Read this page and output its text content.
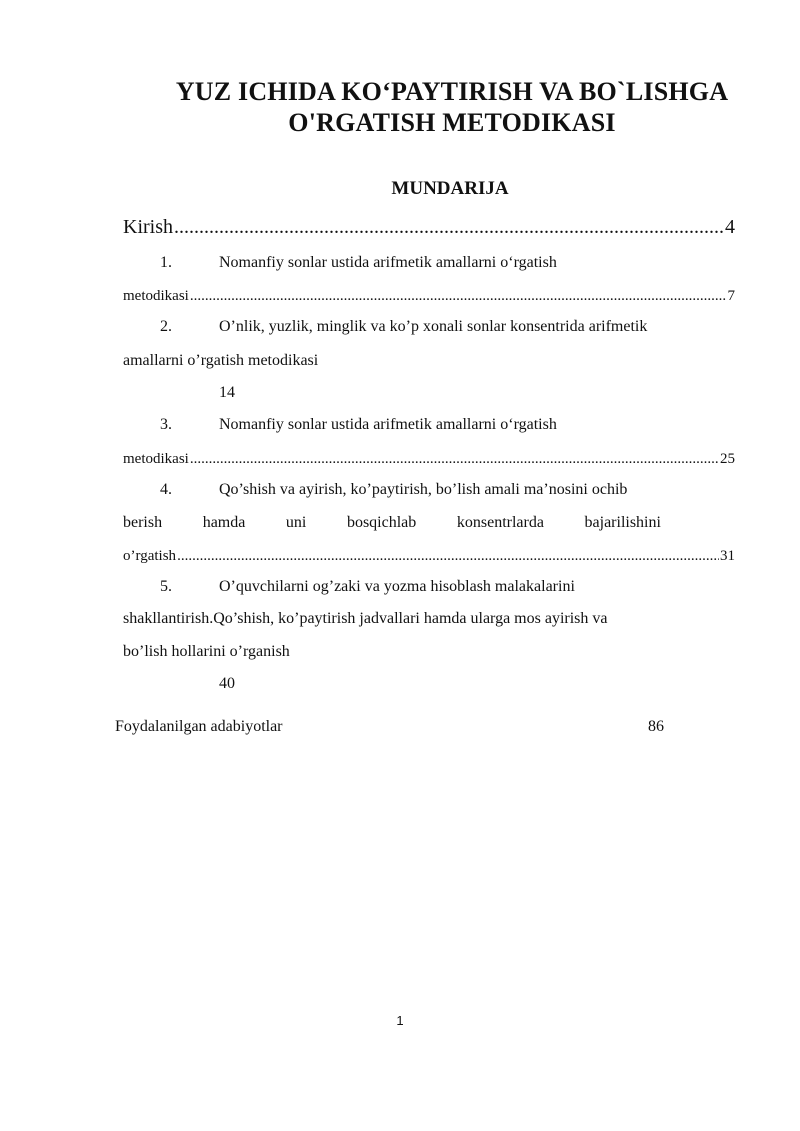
YUZ ICHIDA KO‘PAYTIRISH VA BO`LISHGA
O'RGATISH METODIKASI
MUNDARIJA
Kirish .....	4
1.	Nomanfiy sonlar ustida arifmetik amallarni o‘rgatish
metodikasi .....	7
2.	O’nlik, yuzlik, minglik va ko’p xonali sonlar konsentrida arifmetik
amallarni o’rgatish metodikasi
14
3.	Nomanfiy sonlar ustida arifmetik amallarni o‘rgatish
metodikasi .....	25
4.	Qo’shish va ayirish, ko’paytirish, bo’lish amali ma’nosini ochib
berish	hamda	uni	bosqichlab	konsentrlarda	bajarilishini
o’rgatish .....	31
5.	O’quvchilarni og’zaki va yozma hisoblash malakalarini
shakllantirish.Qo’shish, ko’paytirish jadvallari hamda ularga mos ayirish va
bo’lish hollarini o’rganish
40
Foydalanilgan adabiyotlar	86
1
